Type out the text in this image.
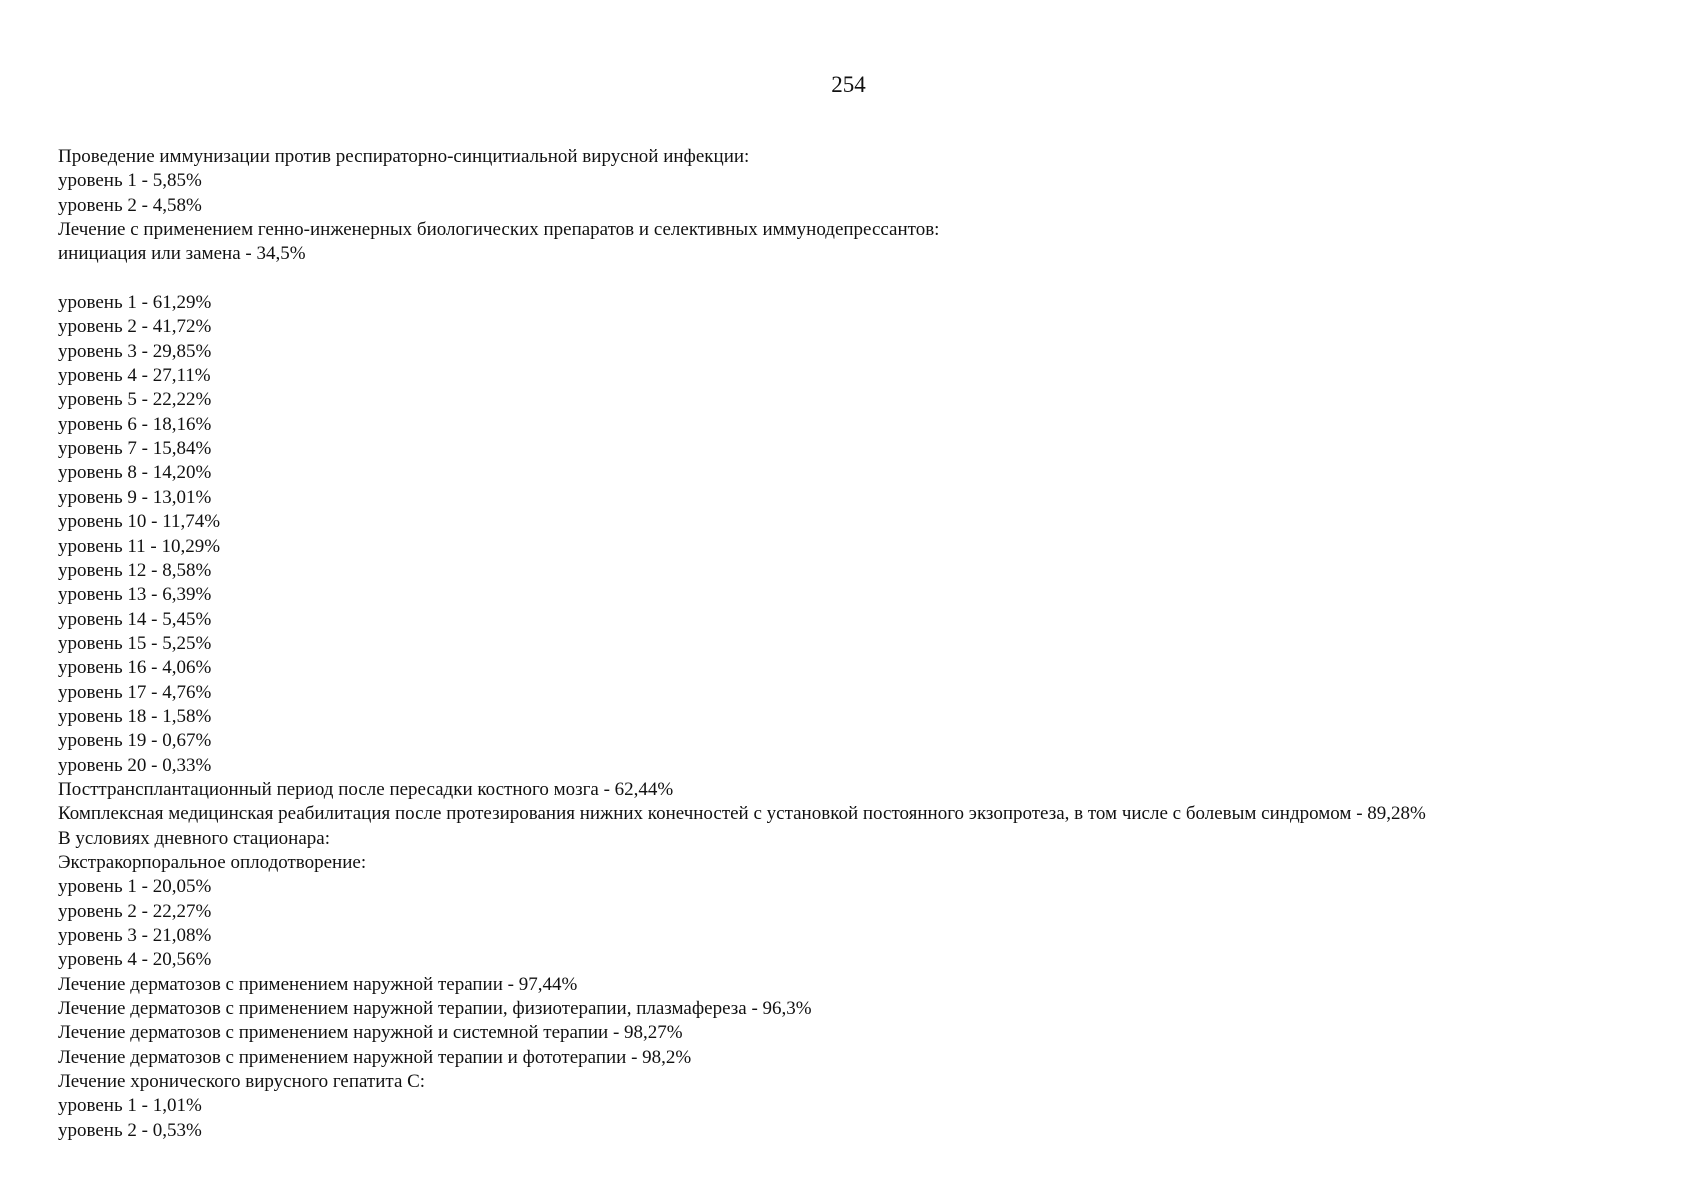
254

Проведение иммунизации против респираторно-синцитиальной вирусной инфекции:

уровень 1 - 5,85%

уровень 2 - 4,58%

Лечение с применением генно-инженерных биологических препаратов и селективных иммунодепрессантов:

инициация или замена - 34,5%

уровень 1 - 61,29%

уровень 2 - 41,72%

уровень 3 - 29,85%

уровень 4 - 27,11%

уровень 5 - 22,22%

уровень 6 - 18,16%

уровень 7 - 15,84%

уровень 8 - 14,20%

уровень 9 - 13,01%

уровень 10 - 11,74%

уровень 11 - 10,29%

уровень 12 - 8,58%

уровень 13 - 6,39%

уровень 14 - 5,45%

уровень 15 - 5,25%

уровень 16 - 4,06%

уровень 17 - 4,76%

уровень 18 - 1,58%

уровень 19 - 0,67%

уровень 20 - 0,33%

Посттрансплантационный период после пересадки костного мозга - 62,44%

Комплексная медицинская реабилитация после протезирования нижних конечностей с установкой постоянного экзопротеза, в том числе с болевым синдромом - 89,28%

В условиях дневного стационара:

Экстракорпоральное оплодотворение:

уровень 1 - 20,05%

уровень 2 - 22,27%

уровень 3 - 21,08%

уровень 4 - 20,56%

Лечение дерматозов с применением наружной терапии - 97,44%

Лечение дерматозов с применением наружной терапии, физиотерапии, плазмафереза - 96,3%

Лечение дерматозов с применением наружной и системной терапии - 98,27%

Лечение дерматозов с применением наружной терапии и фототерапии - 98,2%

Лечение хронического вирусного гепатита С:

уровень 1 - 1,01%

уровень 2 - 0,53%
